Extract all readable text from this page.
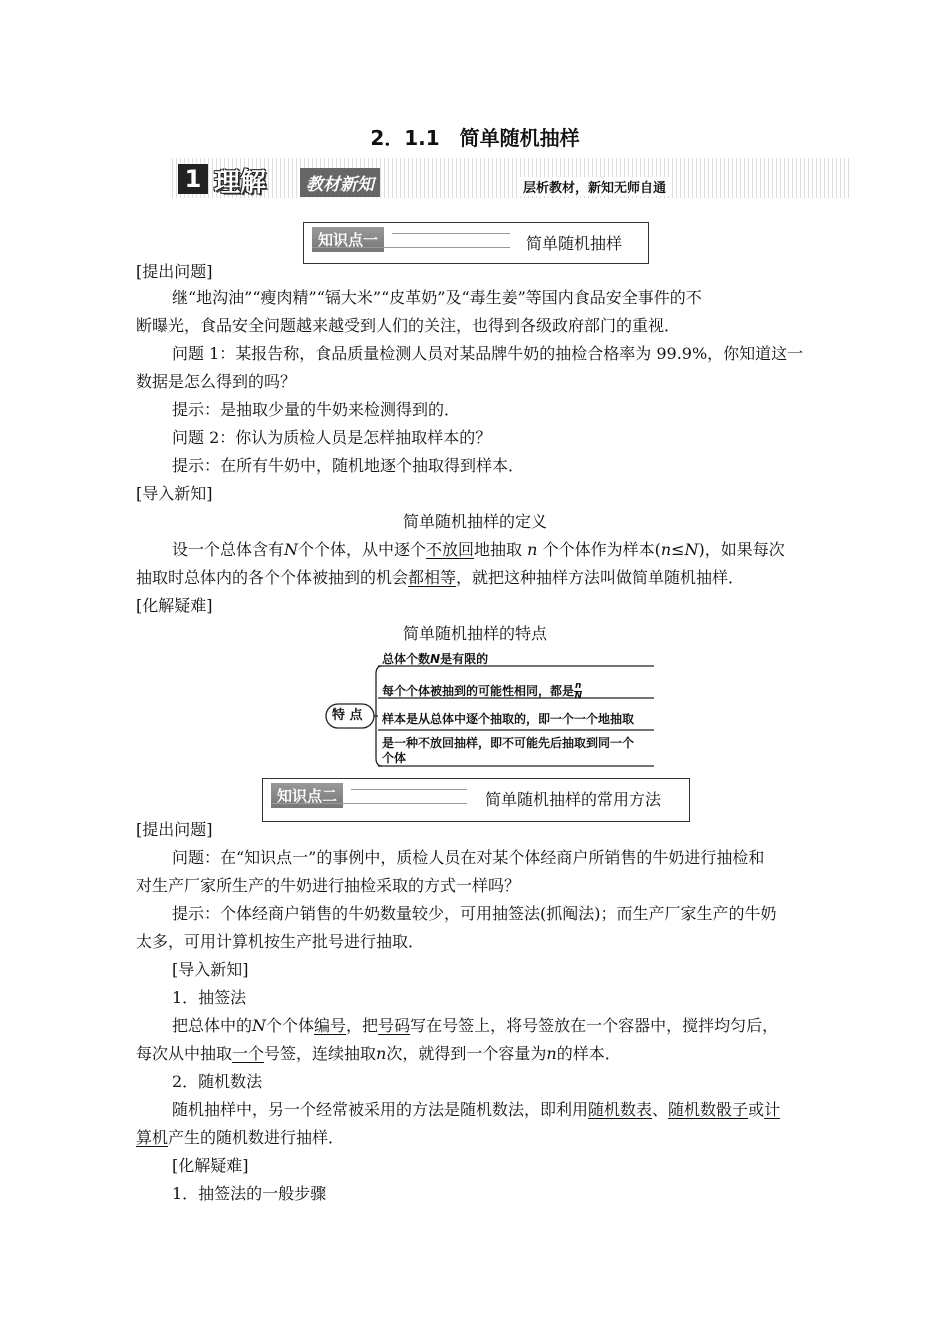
2．1.1　简单随机抽样
1 理解	教材新知	层析教材，新知无师自通
知识点一	简单随机抽样
[提出问题]
继“地沟油”“瘦肉精”“镉大米”“皮革奶”及“毒生姜”等国内食品安全事件的不
断曝光，食品安全问题越来越受到人们的关注，也得到各级政府部门的重视．
问题 1：某报告称，食品质量检测人员对某品牌牛奶的抽检合格率为 99.9%，你知道这一
数据是怎么得到的吗？
提示：是抽取少量的牛奶来检测得到的．
问题 2：你认为质检人员是怎样抽取样本的？
提示：在所有牛奶中，随机地逐个抽取得到样本．
[导入新知]
简单随机抽样的定义
设一个总体含有N个个体，从中逐个不放回地抽取 n 个个体作为样本(n≤N)，如果每次
抽取时总体内的各个个体被抽到的机会都相等，就把这种抽样方法叫做简单随机抽样．
[化解疑难]
简单随机抽样的特点
特 点
总体个数N是有限的
每个个体被抽到的可能性相同，都是 $\frac{n}{N}$
样本是从总体中逐个抽取的，即一个一个地抽取
是一种不放回抽样，即不可能先后抽取到同一个
个体
知识点二	简单随机抽样的常用方法
[提出问题]
问题：在“知识点一”的事例中，质检人员在对某个体经商户所销售的牛奶进行抽检和
对生产厂家所生产的牛奶进行抽检采取的方式一样吗？
提示：个体经商户销售的牛奶数量较少，可用抽签法(抓阄法)；而生产厂家生产的牛奶
太多，可用计算机按生产批号进行抽取．
[导入新知]
1．抽签法
把总体中的N个个体编号，把号码写在号签上，将号签放在一个容器中，搅拌均匀后，
每次从中抽取一个号签，连续抽取n次，就得到一个容量为n的样本．
2．随机数法
随机抽样中，另一个经常被采用的方法是随机数法，即利用随机数表、随机数骰子或计
算机产生的随机数进行抽样．
[化解疑难]
1．抽签法的一般步骤
